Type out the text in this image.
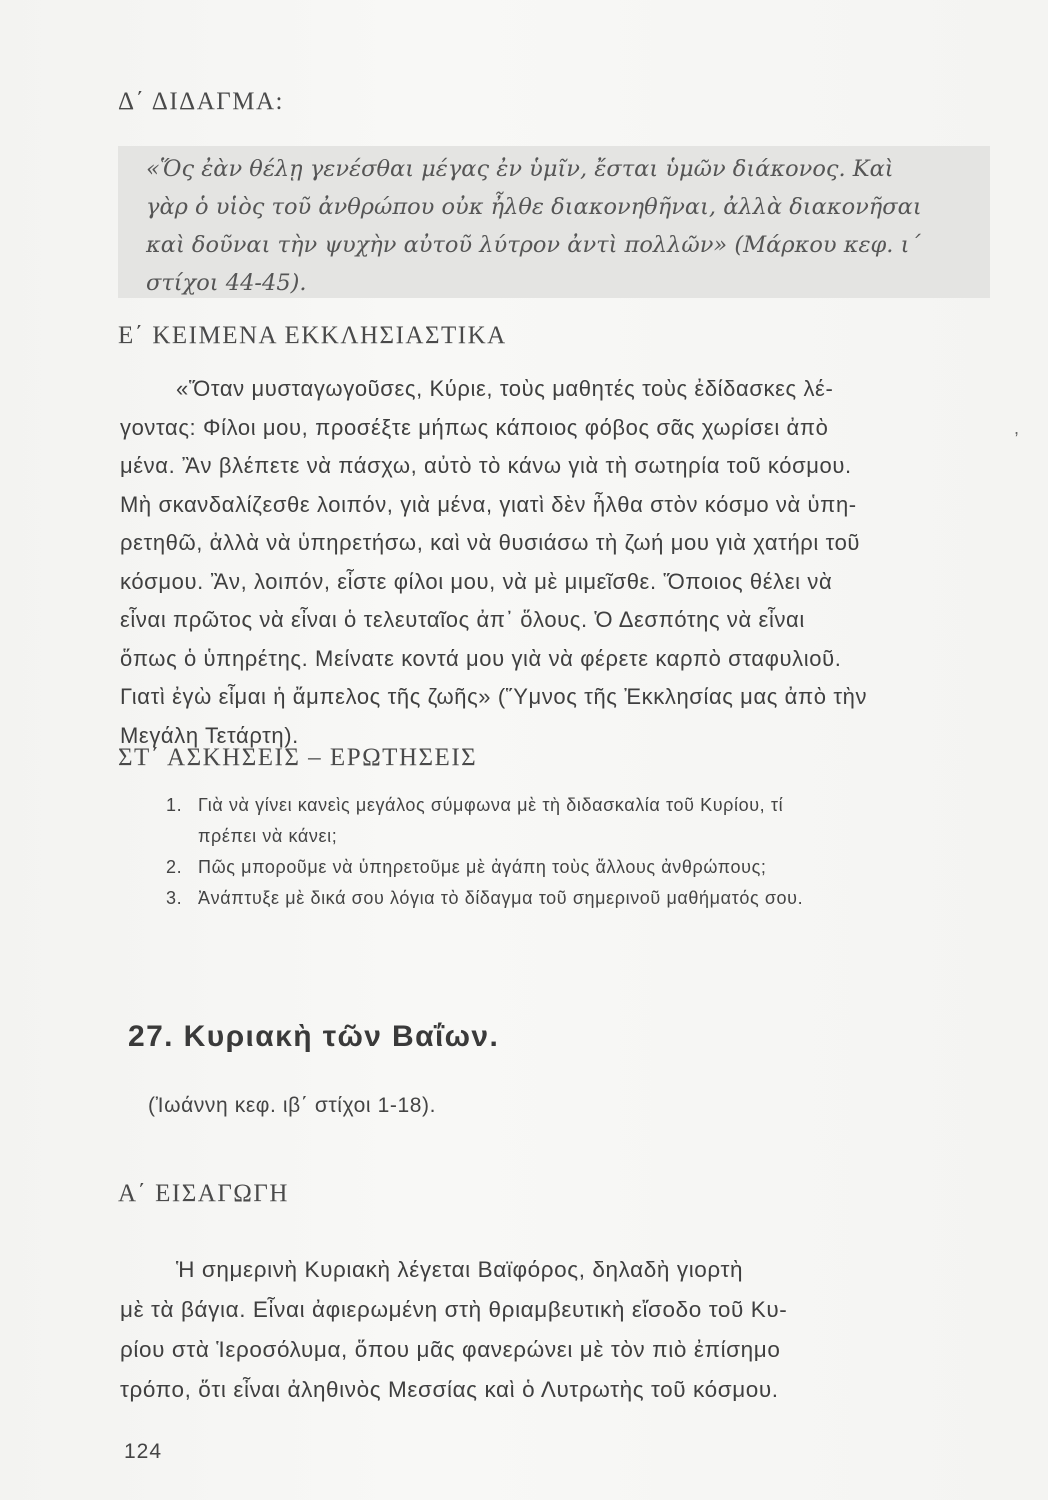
Δ΄ ΔΙΔΑΓΜΑ:
«Ὅς ἐὰν θέλῃ γενέσθαι μέγας ἐν ὑμῖν, ἔσται ὑμῶν διάκονος. Καὶ
γὰρ ὁ υἱὸς τοῦ ἀνθρώπου οὐκ ἦλθε διακονηθῆναι, ἀλλὰ διακονῆσαι
καὶ δοῦναι τὴν ψυχὴν αὐτοῦ λύτρον ἀντὶ πολλῶν» (Μάρκου κεφ. ι΄
στίχοι 44-45).
Ε΄ ΚΕΙΜΕΝΑ ΕΚΚΛΗΣΙΑΣΤΙΚΑ
«Ὅταν μυσταγωγοῦσες, Κύριε, τοὺς μαθητές τοὺς ἐδίδασκες λέ-
γοντας: Φίλοι μου, προσέξτε μήπως κάποιος φόβος σᾶς χωρίσει ἀπὸ
μένα. Ἂν βλέπετε νὰ πάσχω, αὐτὸ τὸ κάνω γιὰ τὴ σωτηρία τοῦ κόσμου.
Μὴ σκανδαλίζεσθε λοιπόν, γιὰ μένα, γιατὶ δὲν ἦλθα στὸν κόσμο νὰ ὑπη-
ρετηθῶ, ἀλλὰ νὰ ὑπηρετήσω, καὶ νὰ θυσιάσω τὴ ζωή μου γιὰ χατήρι τοῦ
κόσμου. Ἂν, λοιπόν, εἶστε φίλοι μου, νὰ μὲ μιμεῖσθε. Ὅποιος θέλει νὰ
εἶναι πρῶτος νὰ εἶναι ὁ τελευταῖος ἀπ᾿ ὅλους. Ὁ Δεσπότης νὰ εἶναι
ὅπως ὁ ὑπηρέτης. Μείνατε κοντά μου γιὰ νὰ φέρετε καρπὸ σταφυλιοῦ.
Γιατὶ ἐγὼ εἶμαι ἡ ἄμπελος τῆς ζωῆς» (Ὕμνος τῆς Ἐκκλησίας μας ἀπὸ τὴν
Μεγάλη Τετάρτη).
,
ΣΤ΄ ΑΣΚΗΣΕΙΣ – ΕΡΩΤΗΣΕΙΣ
1. Γιὰ νὰ γίνει κανεὶς μεγάλος σύμφωνα μὲ τὴ διδασκαλία τοῦ Κυρίου, τί
πρέπει νὰ κάνει;
2. Πῶς μποροῦμε νὰ ὑπηρετοῦμε μὲ ἀγάπη τοὺς ἄλλους ἀνθρώπους;
3. Ἀνάπτυξε μὲ δικά σου λόγια τὸ δίδαγμα τοῦ σημερινοῦ μαθήματός σου.
27. Κυριακὴ τῶν Βαΐων.
(Ἰωάννη κεφ. ιβ΄ στίχοι 1-18).
Α΄ ΕΙΣΑΓΩΓΗ
Ἡ σημερινὴ Κυριακὴ λέγεται Βαϊφόρος, δηλαδὴ γιορτὴ
μὲ τὰ βάγια. Εἶναι ἀφιερωμένη στὴ θριαμβευτικὴ εἴσοδο τοῦ Κυ-
ρίου στὰ Ἱεροσόλυμα, ὅπου μᾶς φανερώνει μὲ τὸν πιὸ ἐπίσημο
τρόπο, ὅτι εἶναι ἀληθινὸς Μεσσίας καὶ ὁ Λυτρωτὴς τοῦ κόσμου.
124
